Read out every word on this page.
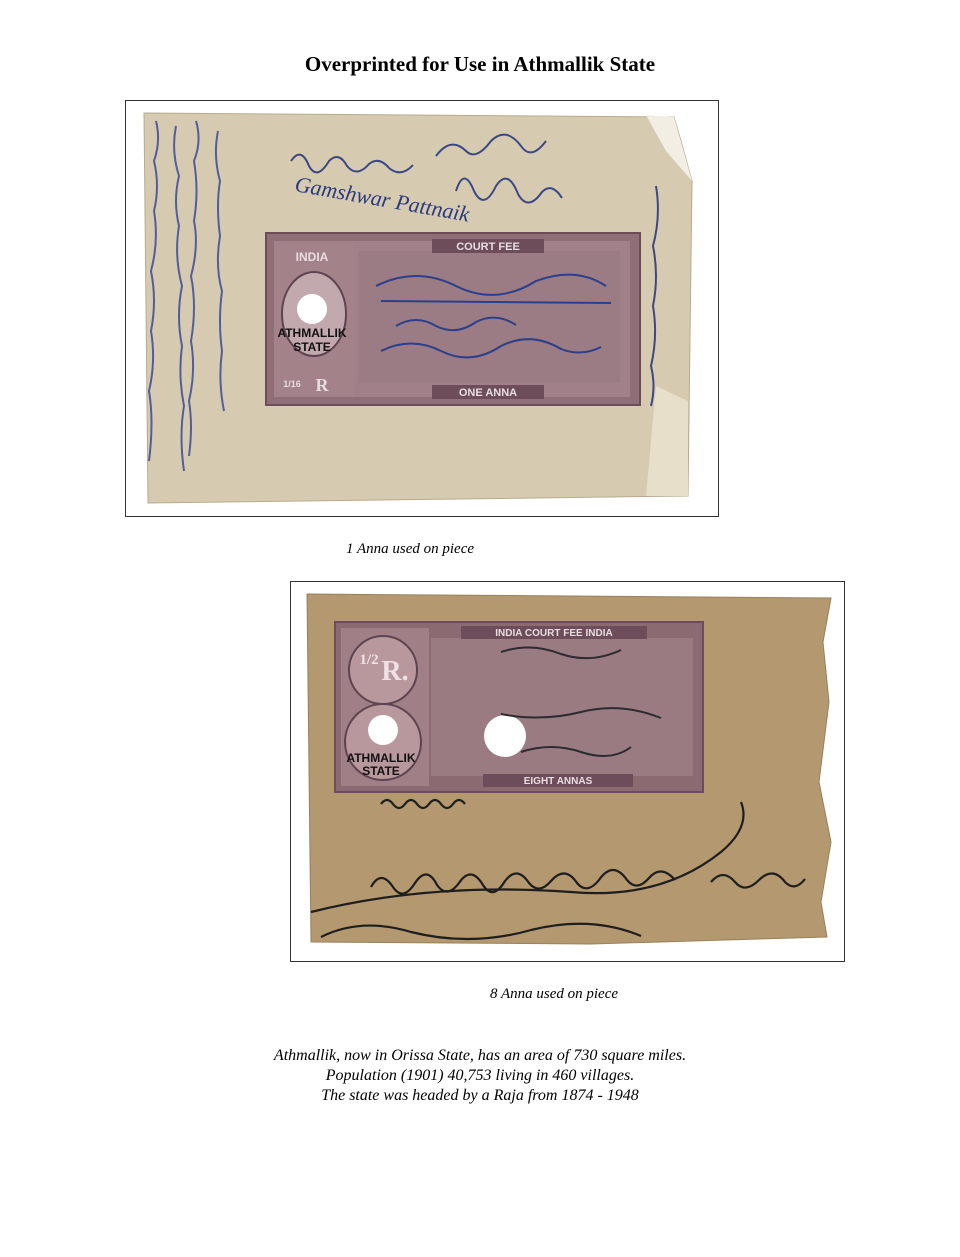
Overprinted for Use in Athmallik State
COURT FEE
INDIA
ATHMALLIK
STATE
ONE ANNA
1/16 R
Gamshwar Pattnaik
1 Anna used on piece
INDIA COURT FEE INDIA
1/2 R.
ATHMALLIK
STATE
EIGHT ANNAS
8 Anna used on piece
Athmallik, now in Orissa State, has an area of 730 square miles.
Population (1901) 40,753 living in 460 villages.
The state was headed by a Raja from 1874 - 1948
